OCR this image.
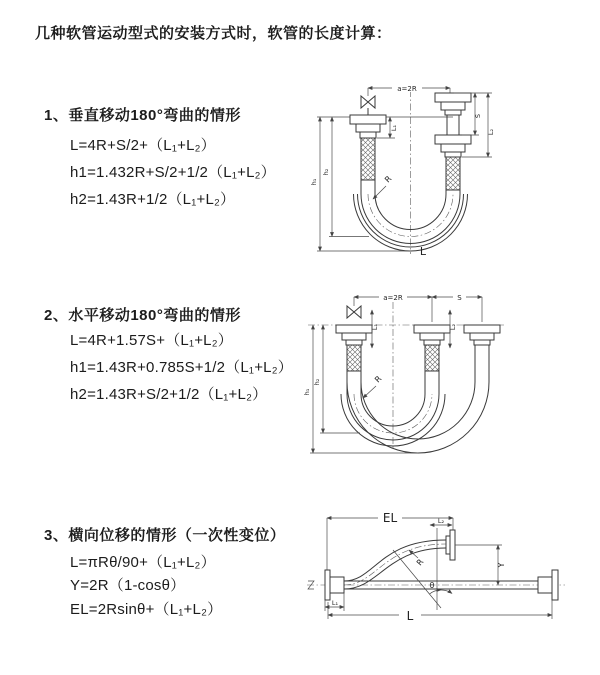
几种软管运动型式的安装方式时，软管的长度计算：
1、垂直移动180°弯曲的情形
L=4R+S/2+（L₁+L₂）
h1=1.432R+S/2+1/2（L₁+L₂）
h2=1.43R+1/2（L₁+L₂）
2、水平移动180°弯曲的情形
L=4R+1.57S+（L₁+L₂）
h1=1.43R+0.785S+1/2（L₁+L₂）
h2=1.43R+S/2+1/2（L₁+L₂）
3、横向位移的情形（一次性变位）
L=πRθ/90+（L₁+L₂）
Y=2R（1-cosθ）
EL=2Rsinθ+（L₁+L₂）
a=2R
h₁
h₂
L₁
S
L₂
R
L
a=2R	S
h₁
h₂
L₁	L₂
R
EL	L₂
θ
Y
R
L₁
L
